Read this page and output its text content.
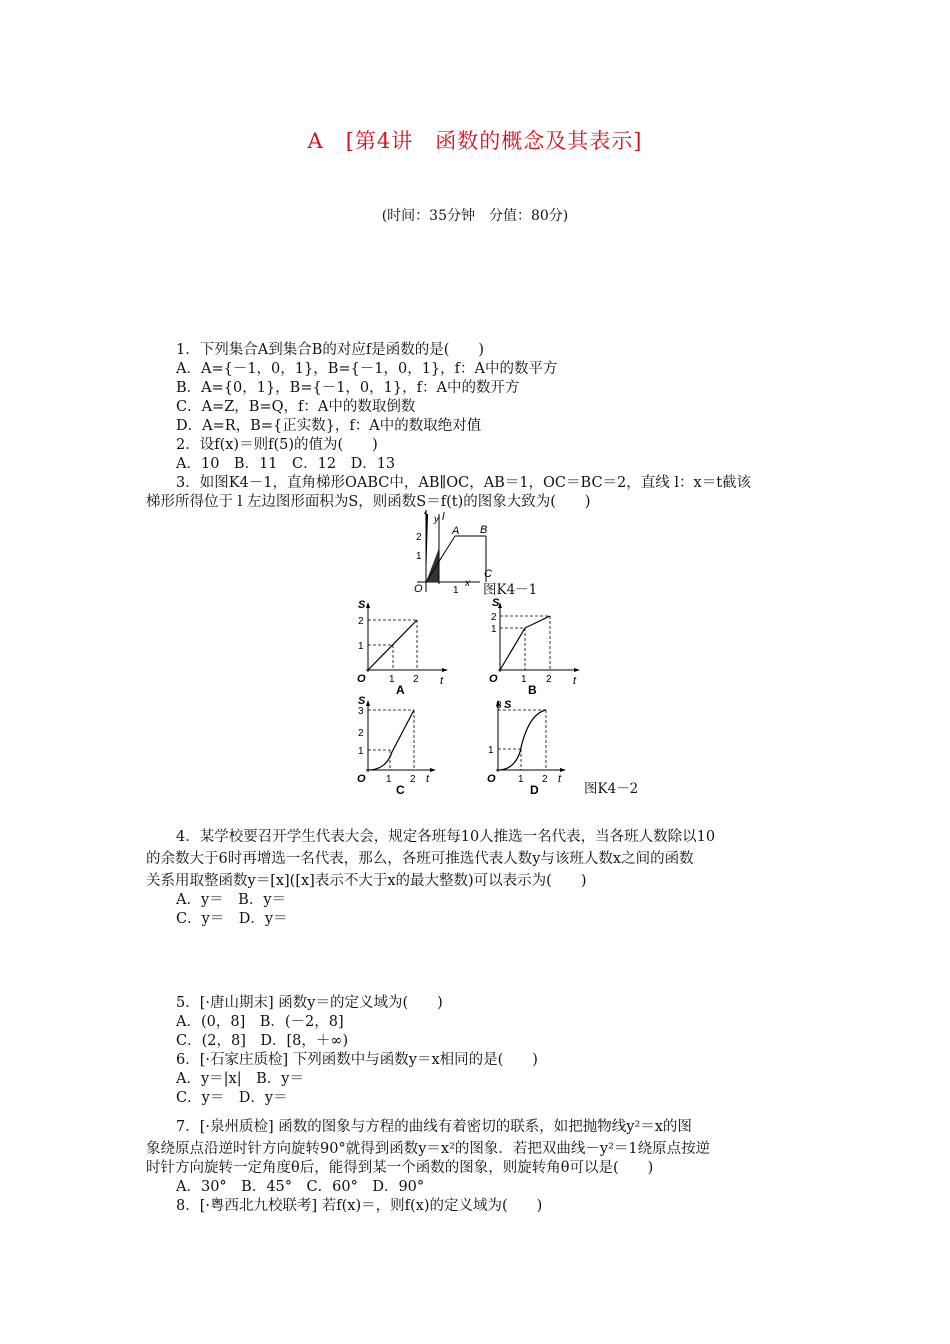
A　[第4讲　函数的概念及其表示]
(时间：35分钟　分值：80分)
1．下列集合A到集合B的对应f是函数的是(　　)
A．A={－1，0，1}，B={－1，0，1}，f：A中的数平方
B．A={0，1}，B={－1，0，1}，f：A中的数开方
C．A=Z，B=Q，f：A中的数取倒数
D．A=R，B={正实数}，f：A中的数取绝对值
2．设f(x)＝则f(5)的值为(　　)
A．10　B．11　C．12　D．13
3．如图K4－1，直角梯形OABC中，AB∥OC，AB＝1，OC＝BC＝2，直线 l：x＝t截该
梯形所得位于 l 左边图形面积为S，则函数S＝f(t)的图象大致为(　　)
y l
A
2
1
O	1
B
C
x 图K4－1
S
2
1
O 1 2 t
A
S
2
1
O 1 2 t
B
S
3
2
1
O 1 2 t
C
S
3
1
O 1 2 t
D	图K4－2
4．某学校要召开学生代表大会，规定各班每10人推选一名代表，当各班人数除以10
的余数大于6时再增选一名代表，那么，各班可推选代表人数y与该班人数x之间的函数
关系用取整函数y＝[x]([x]表示不大于x的最大整数)可以表示为(　　)
A．y＝　B．y＝
C．y＝　D．y＝
5．[·唐山期末] 函数y＝的定义域为(　　)
A．(0，8]　B．(－2，8]
C．(2，8]　D．[8，＋∞)
6．[·石家庄质检] 下列函数中与函数y＝x相同的是(　　)
A．y＝|x|　B．y＝
C．y＝　D．y＝
7．[·泉州质检] 函数的图象与方程的曲线有着密切的联系，如把抛物线y²＝x的图
象绕原点沿逆时针方向旋转90°就得到函数y＝x²的图象．若把双曲线－y²＝1绕原点按逆
时针方向旋转一定角度θ后，能得到某一个函数的图象，则旋转角θ可以是(　　)
A．30°　B．45°　C．60°　D．90°
8．[·粤西北九校联考] 若f(x)＝，则f(x)的定义域为(　　)
